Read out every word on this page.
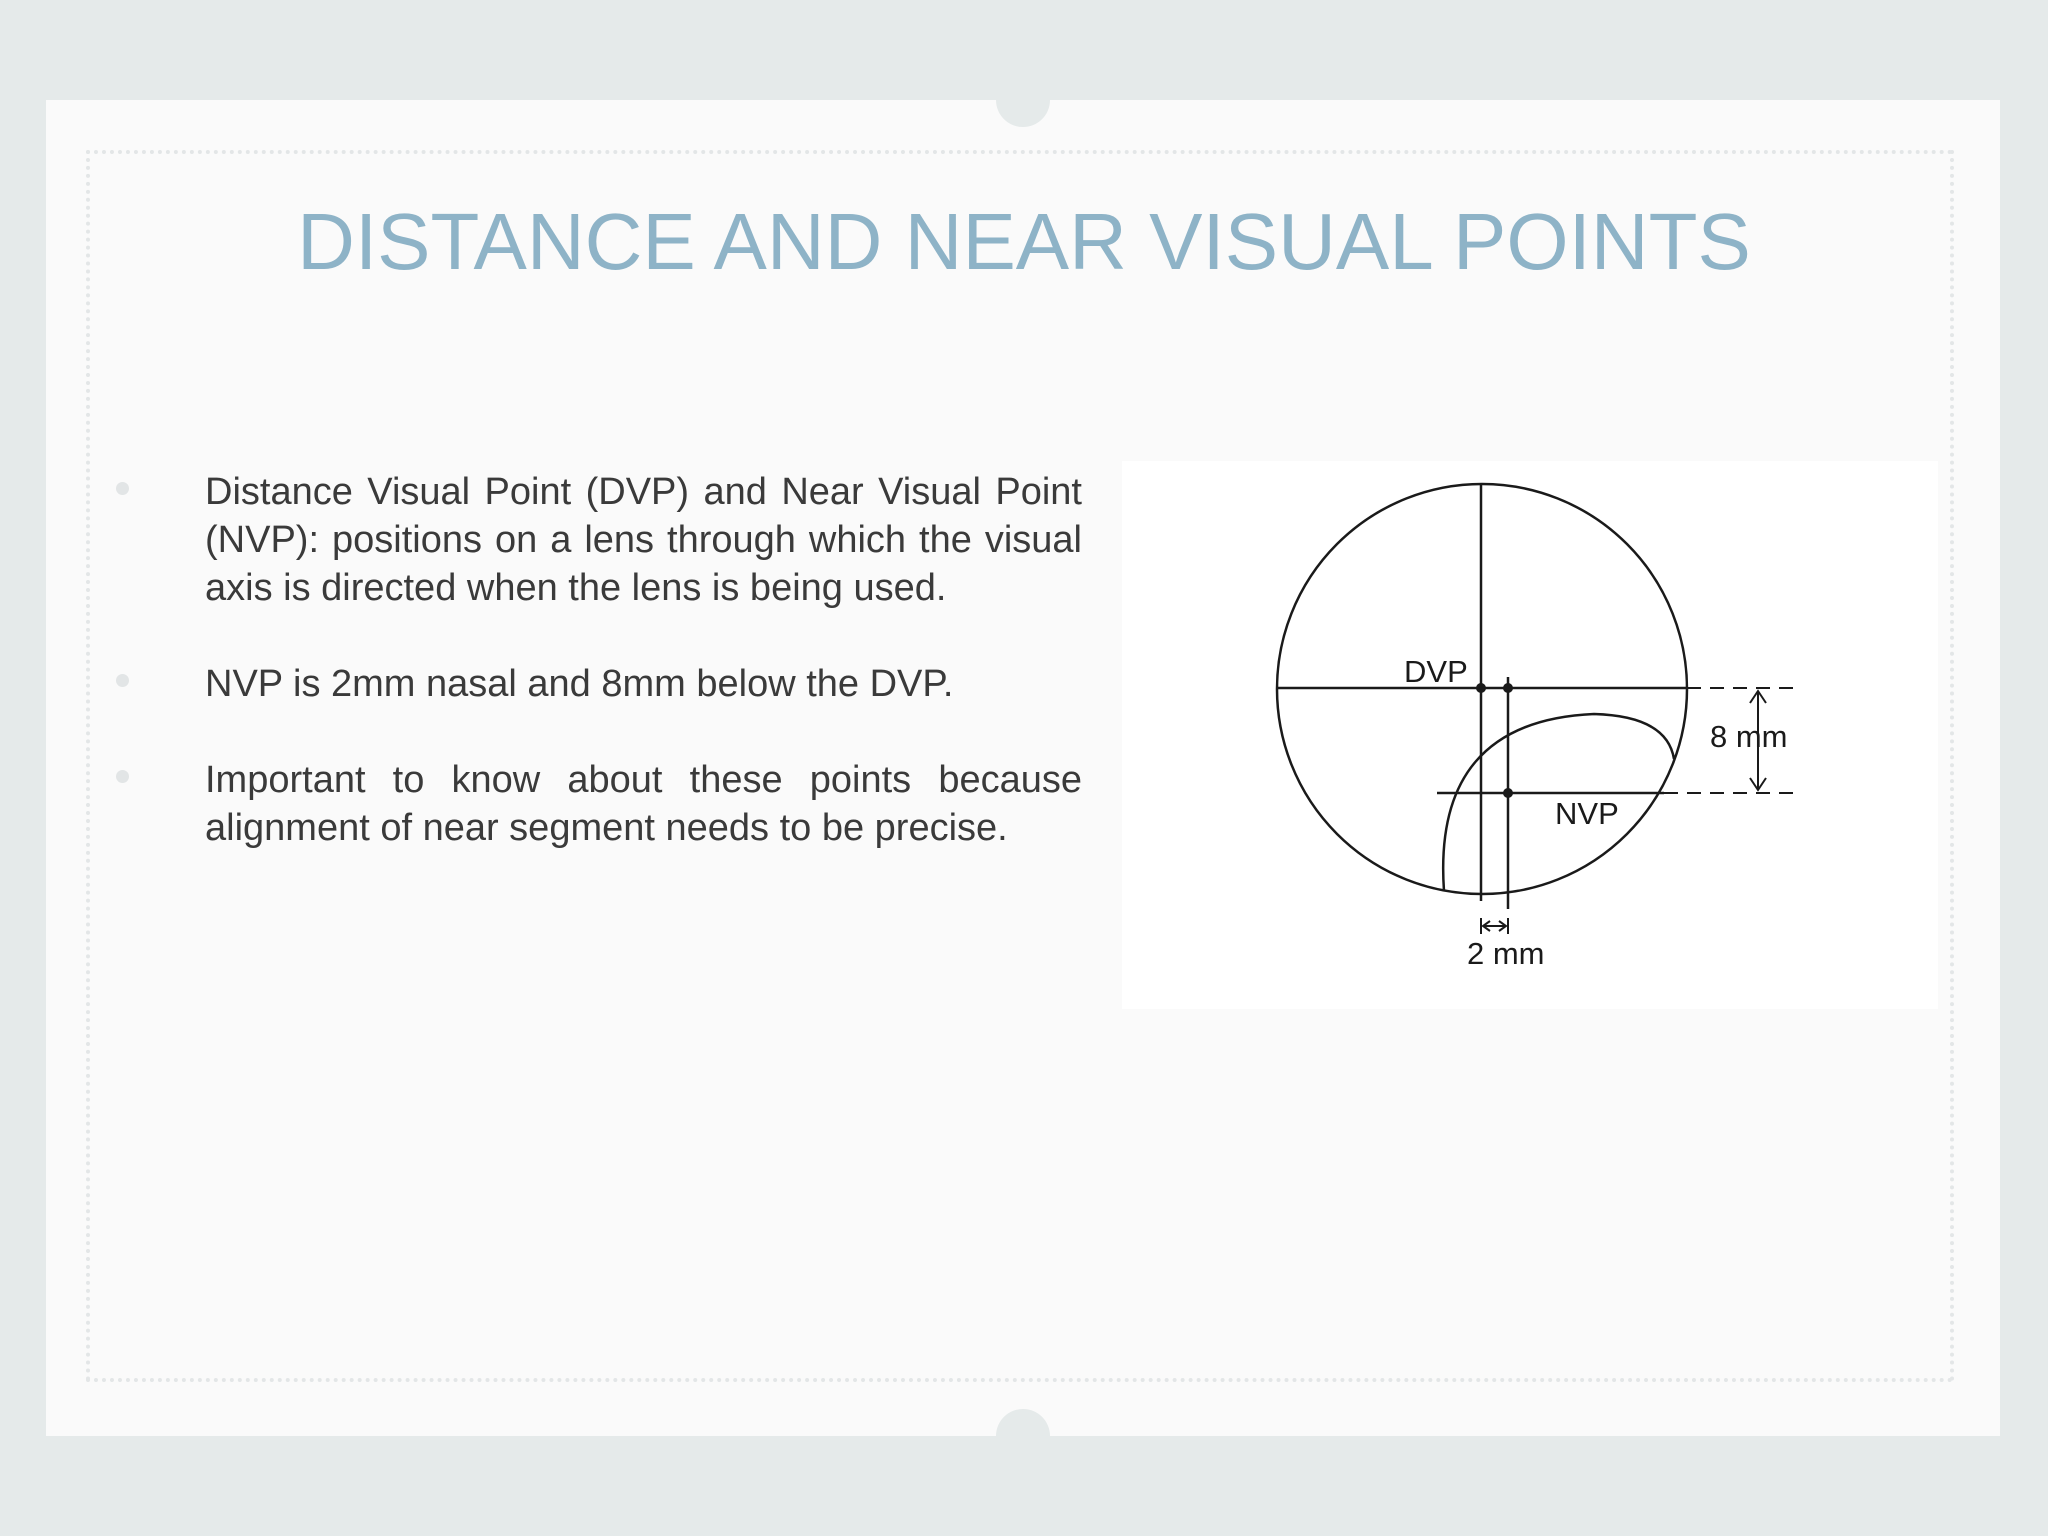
DISTANCE AND NEAR VISUAL POINTS
Distance Visual Point (DVP) and Near Visual Point (NVP): positions on a lens through which the visual axis is directed when the lens is being used.
NVP is 2mm nasal and 8mm below the DVP.
Important to know about these points because alignment of near segment needs to be precise.
DVP
NVP
8 mm
2 mm
